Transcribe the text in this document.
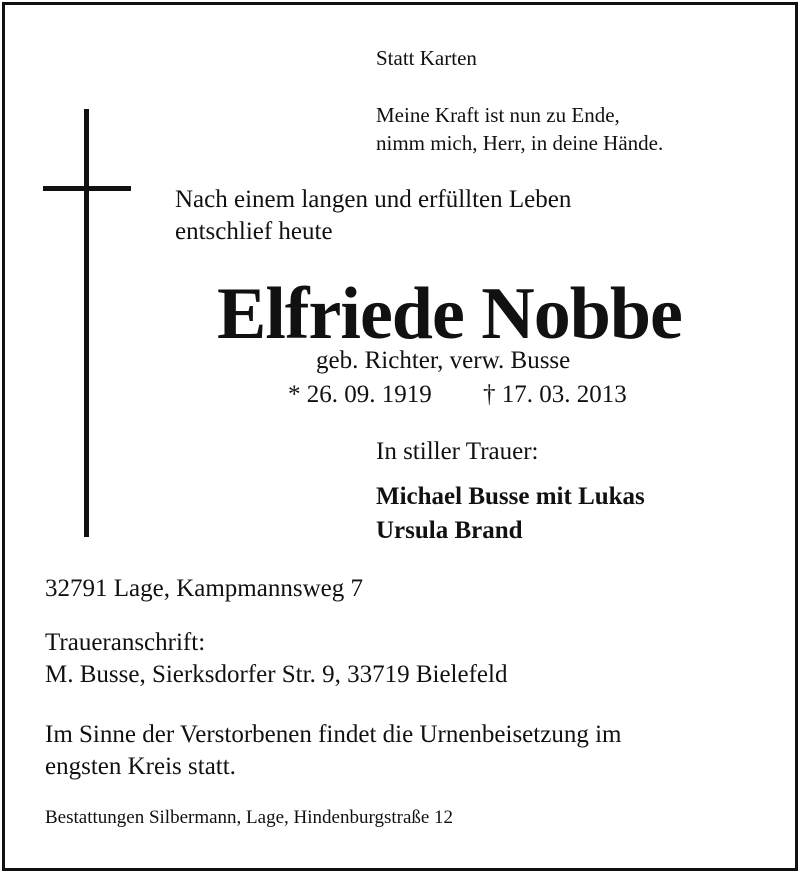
Statt Karten
Meine Kraft ist nun zu Ende,
nimm mich, Herr, in deine Hände.
Nach einem langen und erfüllten Leben
entschlief heute
Elfriede Nobbe
geb. Richter, verw. Busse
* 26. 09. 1919 † 17. 03. 2013
In stiller Trauer:
Michael Busse mit Lukas
Ursula Brand
32791 Lage, Kampmannsweg 7
Traueranschrift:
M. Busse, Sierksdorfer Str. 9, 33719 Bielefeld
Im Sinne der Verstorbenen findet die Urnenbeisetzung im
engsten Kreis statt.
Bestattungen Silbermann, Lage, Hindenburgstraße 12
